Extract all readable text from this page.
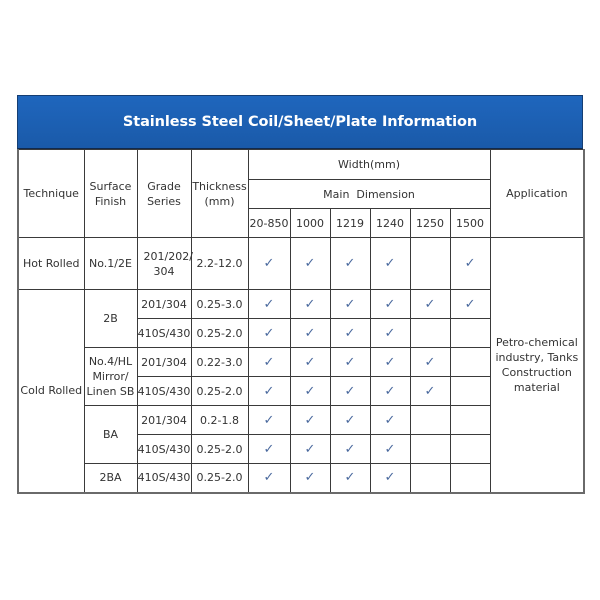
Stainless Steel Coil/Sheet/Plate Information
Technique	Surface Finish	Grade Series	Thickness (mm)	Width(mm)						Application
				Main  Dimension						
				20-850	1000	1219	1240	1250	1500	
Hot Rolled	No.1/2E	201/202/ 304	2.2-12.0	✓	✓	✓	✓		✓	Petro-chemical industry, Tanks Construction material
Cold Rolled	2B	201/304	0.25-3.0	✓	✓	✓	✓	✓	✓	
		410S/430	0.25-2.0	✓	✓	✓	✓			
	No.4/HL Mirror/ Linen SB	201/304	0.22-3.0	✓	✓	✓	✓	✓		
		410S/430	0.25-2.0	✓	✓	✓	✓	✓		
	BA	201/304	0.2-1.8	✓	✓	✓	✓			
		410S/430	0.25-2.0	✓	✓	✓	✓			
	2BA	410S/430	0.25-2.0	✓	✓	✓	✓			
